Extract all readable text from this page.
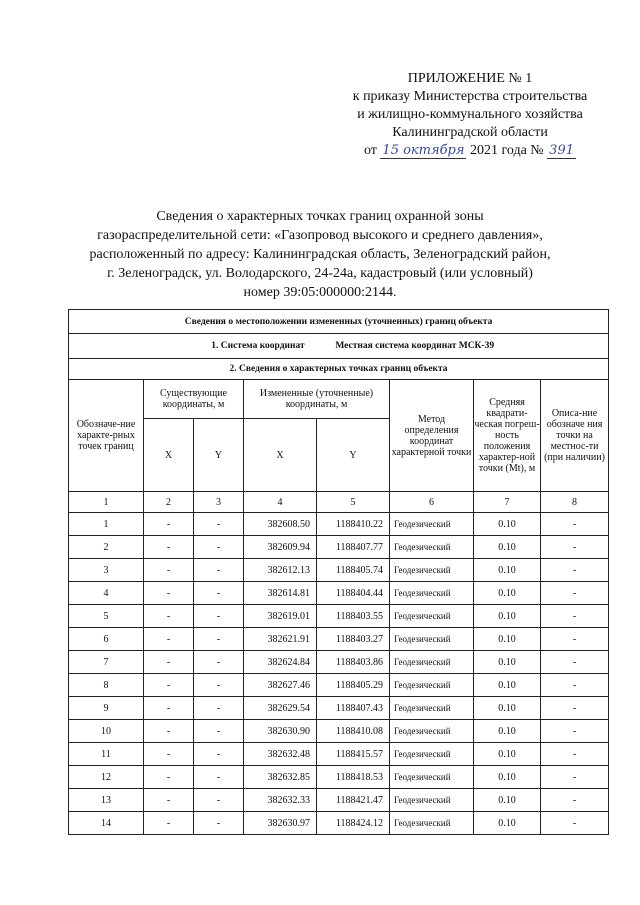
ПРИЛОЖЕНИЕ № 1
к приказу Министерства строительства
и жилищно-коммунального хозяйства
Калининградской области
от 15 октября 2021 года № 391
Сведения о характерных точках границ охранной зоны
газораспределительной сети: «Газопровод высокого и среднего давления»,
расположенный по адресу: Калининградская область, Зеленоградский район,
г. Зеленоградск, ул. Володарского, 24-24а, кадастровый (или условный)
номер 39:05:000000:2144.
Сведения о местоположении измененных (уточненных) границ объекта							
1. Система координат Местная система координат МСК-39							
2. Сведения о характерных точках границ объекта							
Обозначе-ние характе-рных точек границ	Существующие координаты, м		Измененные (уточненные) координаты, м		Метод определения координат характерной точки	Средняя квадрати-ческая погреш-ность положения характер-ной точки (Mt), м	Описа-ние обозначе ния точки на местнос-ти (при наличии)
	X	Y	X	Y			
1	2	3	4	5	6	7	8
1	-	-	382608.50	1188410.22	Геодезический	0.10	-
2	-	-	382609.94	1188407.77	Геодезический	0.10	-
3	-	-	382612.13	1188405.74	Геодезический	0.10	-
4	-	-	382614.81	1188404.44	Геодезический	0.10	-
5	-	-	382619.01	1188403.55	Геодезический	0.10	-
6	-	-	382621.91	1188403.27	Геодезический	0.10	-
7	-	-	382624.84	1188403.86	Геодезический	0.10	-
8	-	-	382627.46	1188405.29	Геодезический	0.10	-
9	-	-	382629.54	1188407.43	Геодезический	0.10	-
10	-	-	382630.90	1188410.08	Геодезический	0.10	-
11	-	-	382632.48	1188415.57	Геодезический	0.10	-
12	-	-	382632.85	1188418.53	Геодезический	0.10	-
13	-	-	382632.33	1188421.47	Геодезический	0.10	-
14	-	-	382630.97	1188424.12	Геодезический	0.10	-
